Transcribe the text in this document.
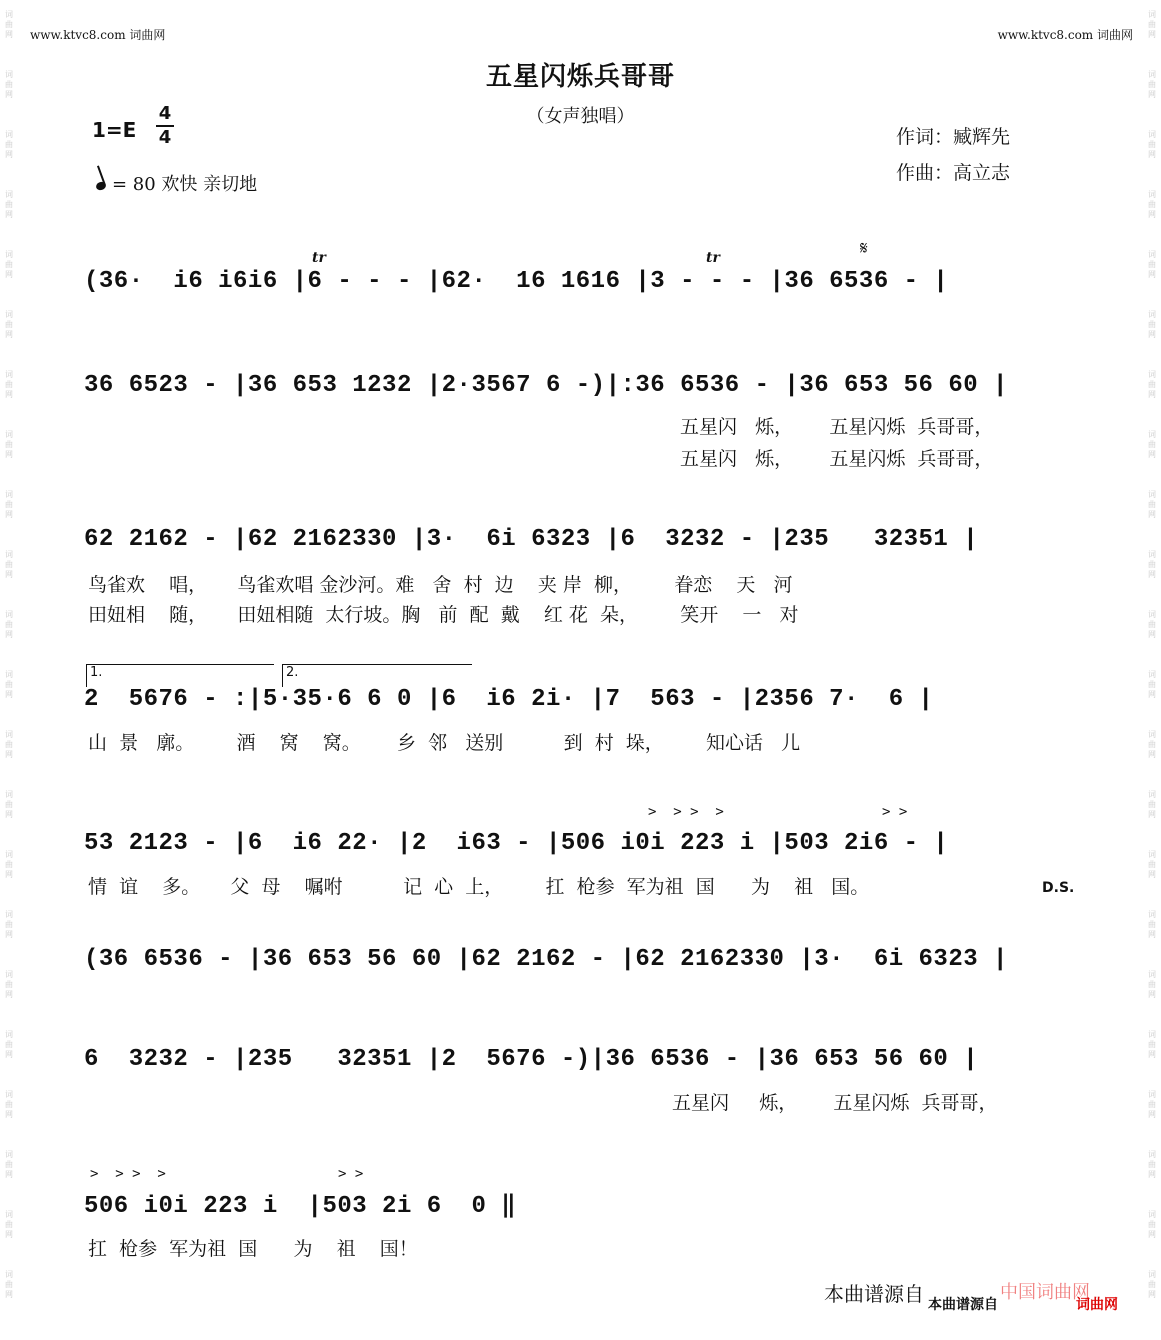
词
曲
网
词
曲
网
词
曲
网
词
曲
网
词
曲
网
词
曲
网
词
曲
网
词
曲
网
词
曲
网
词
曲
网
词
曲
网
词
曲
网
词
曲
网
词
曲
网
词
曲
网
词
曲
网
词
曲
网
词
曲
网
词
曲
网
词
曲
网
词
曲
网
词
曲
网
词
曲
网
词
曲
网
词
曲
网
词
曲
网
词
曲
网
词
曲
网
词
曲
网
词
曲
网
词
曲
网
词
曲
网
词
曲
网
词
曲
网
词
曲
网
词
曲
网
词
曲
网
词
曲
网
词
曲
网
词
曲
网
词
曲
网
词
曲
网
词
曲
网
词
曲
网
www.ktvc8.com 词曲网	www.ktvc8.com 词曲网
五星闪烁兵哥哥
（女声独唱）
1=E
4
4
= 80 欢快 亲切地
作词：臧辉先
作曲：高立志
tr	tr	𝄋
(36·  i6 i6i6 |6 - - - |62·  16 1616 |3 - - - |36 6536 - |
36 6523 - |36 653 1232 |2·3567 6 -)|:36 6536 - |36 653 56 60 |
五星闪   烁，      五星闪烁  兵哥哥，
五星闪   烁，      五星闪烁  兵哥哥，
62 2162 - |62 2162330 |3·  6i 6323 |6  3232 - |235   32351 |
鸟雀欢    唱，     鸟雀欢唱 金沙河。难   舍  村  边    夹 岸  柳，       眷恋    天   河
田妞相    随，     田妞相随  太行坡。胸   前  配  戴    红 花  朵，       笑开    一   对
1.	2.
2  5676 - :|5·35·6 6 0 |6  i6 2i· |7  563 - |2356 7·  6 |
山  景   廓。       酒    窝    窝。      乡  邻   送别          到  村  垛，       知心话   儿
>  > >  >	> >
53 2123 - |6  i6 22· |2  i63 - |506 i0i 223 i |503 2i6 - |
情  谊    多。     父  母    嘱咐          记  心  上，       扛  枪参  军为祖  国      为    祖   国。	D.S.
(36 6536 - |36 653 56 60 |62 2162 - |62 2162330 |3·  6i 6323 |
6  3232 - |235   32351 |2  5676 -)|36 6536 - |36 653 56 60 |
五星闪     烁，      五星闪烁  兵哥哥，
>  > >  >	> >
506 i0i 223 i  |503 2i 6  0 ‖
扛  枪参  军为祖  国      为    祖    国！
中国词曲网
本曲谱源自 本曲谱源自	词曲网
